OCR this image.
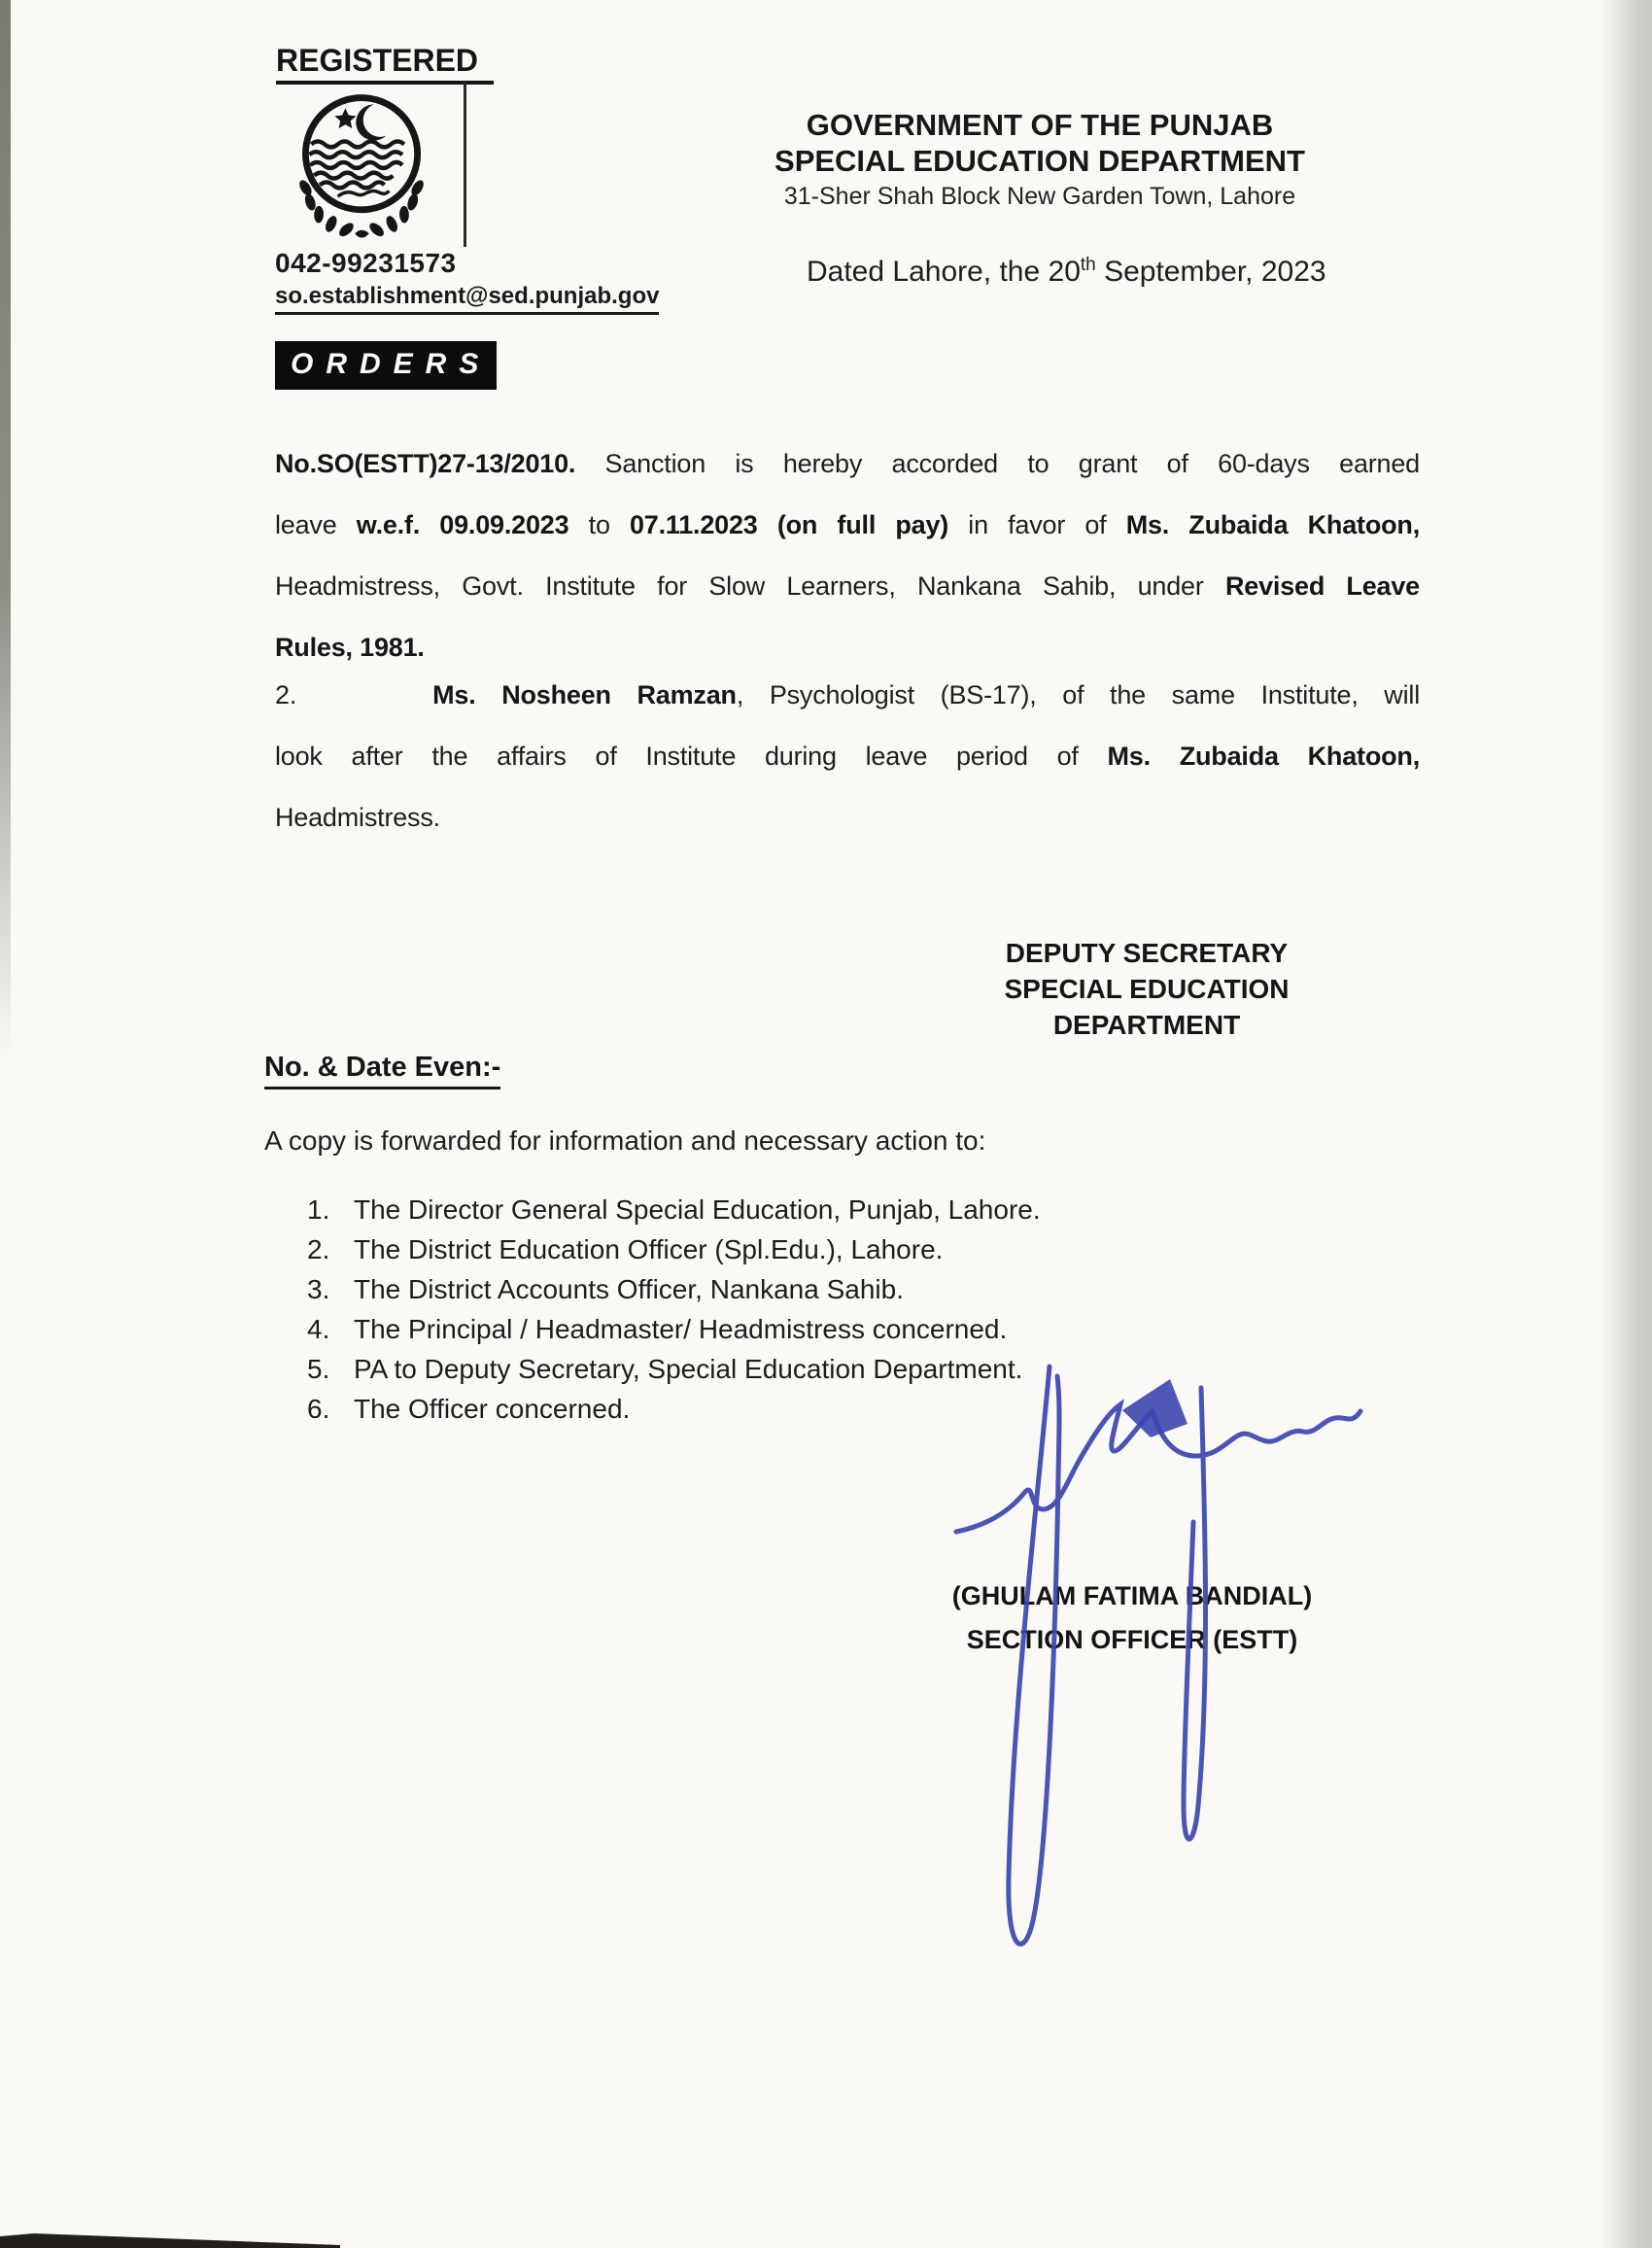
REGISTERED
042-99231573
so.establishment@sed.punjab.gov
GOVERNMENT OF THE PUNJAB
SPECIAL EDUCATION DEPARTMENT
31-Sher Shah Block New Garden Town, Lahore
Dated Lahore, the 20th September, 2023
ORDERS
No.SO(ESTT)27-13/2010. Sanction is hereby accorded to grant of 60-days earned
leave w.e.f. 09.09.2023 to 07.11.2023 (on full pay) in favor of Ms. Zubaida Khatoon,
Headmistress, Govt. Institute for Slow Learners, Nankana Sahib, under Revised Leave
Rules, 1981.
2.	Ms. Nosheen Ramzan, Psychologist (BS-17), of the same Institute, will
look after the affairs of Institute during leave period of Ms. Zubaida Khatoon,
Headmistress.
DEPUTY SECRETARY
SPECIAL EDUCATION
DEPARTMENT
No. & Date Even:-
A copy is forwarded for information and necessary action to:
1. The Director General Special Education, Punjab, Lahore.
2. The District Education Officer (Spl.Edu.), Lahore.
3. The District Accounts Officer, Nankana Sahib.
4. The Principal / Headmaster/ Headmistress concerned.
5. PA to Deputy Secretary, Special Education Department.
6. The Officer concerned.
(GHULAM FATIMA BANDIAL)
SECTION OFFICER (ESTT)
